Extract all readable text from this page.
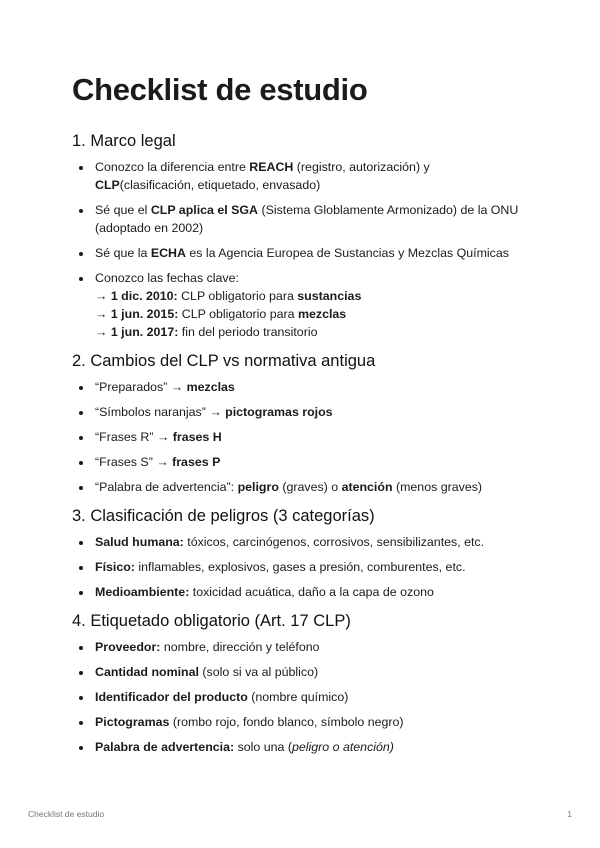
Checklist de estudio
1. Marco legal
Conozco la diferencia entre REACH (registro, autorización) y
CLP(clasificación, etiquetado, envasado)
Sé que el CLP aplica el SGA (Sistema Globlamente Armonizado) de la ONU (adoptado en 2002)
Sé que la ECHA es la Agencia Europea de Sustancias y Mezclas Químicas
Conozco las fechas clave:
→ 1 dic. 2010: CLP obligatorio para sustancias
→ 1 jun. 2015: CLP obligatorio para mezclas
→ 1 jun. 2017: fin del periodo transitorio
2. Cambios del CLP vs normativa antigua
“Preparados” → mezclas
“Símbolos naranjas” → pictogramas rojos
“Frases R” → frases H
“Frases S” → frases P
“Palabra de advertencia”: peligro (graves) o atención (menos graves)
3. Clasificación de peligros (3 categorías)
Salud humana: tóxicos, carcinógenos, corrosivos, sensibilizantes, etc.
Físico: inflamables, explosivos, gases a presión, comburentes, etc.
Medioambiente: toxicidad acuática, daño a la capa de ozono
4. Etiquetado obligatorio (Art. 17 CLP)
Proveedor: nombre, dirección y teléfono
Cantidad nominal (solo si va al público)
Identificador del producto (nombre químico)
Pictogramas (rombo rojo, fondo blanco, símbolo negro)
Palabra de advertencia: solo una (peligro o atención)
Checklist de estudio	1
